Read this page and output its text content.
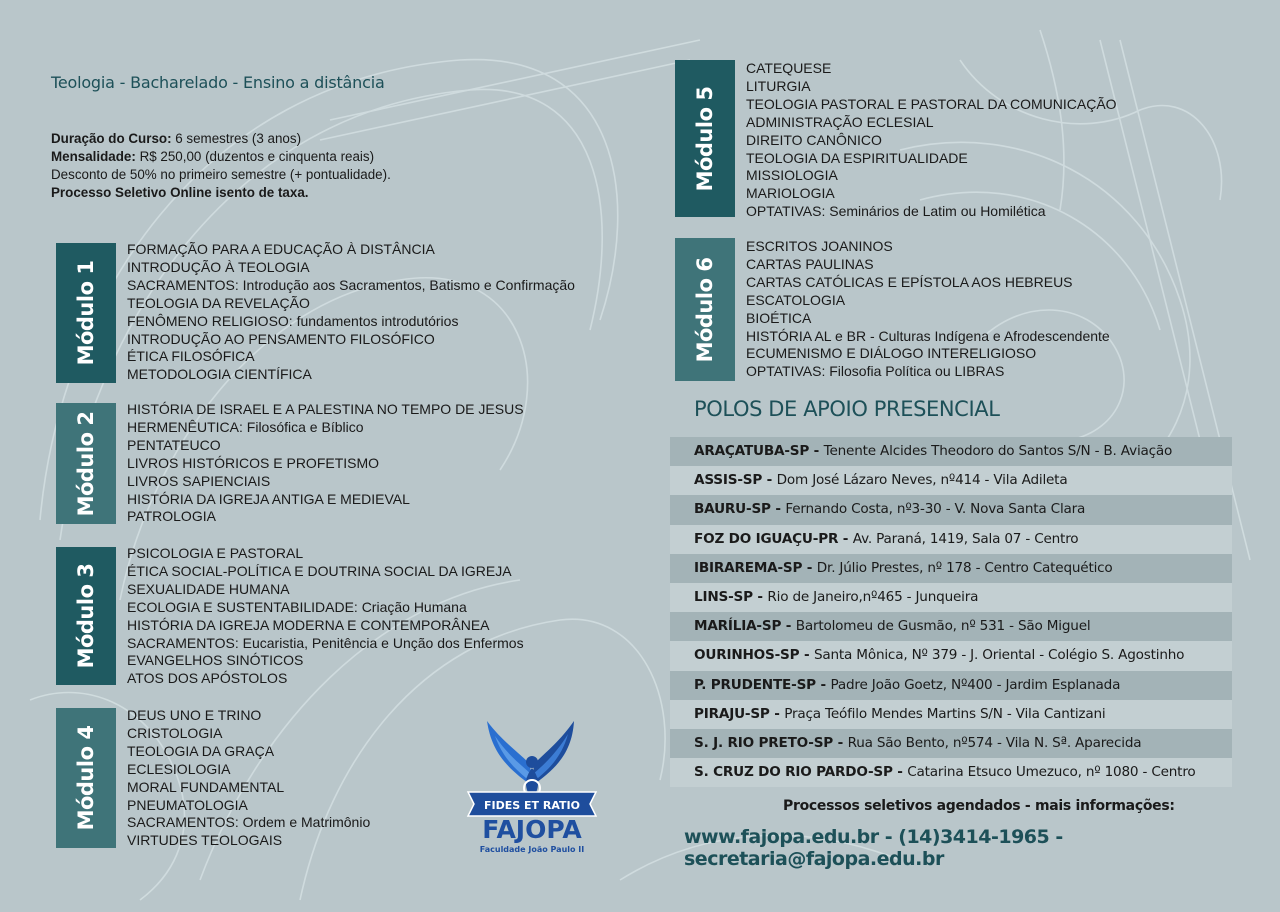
Teologia - Bacharelado - Ensino a distância
Duração do Curso: 6 semestres (3 anos)
Mensalidade: R$ 250,00 (duzentos e cinquenta reais)
Desconto de 50% no primeiro semestre (+ pontualidade).
Processo Seletivo Online isento de taxa.
Módulo 1
FORMAÇÃO PARA A EDUCAÇÃO À DISTÂNCIA
INTRODUÇÃO À TEOLOGIA
SACRAMENTOS: Introdução aos Sacramentos, Batismo e Confirmação
TEOLOGIA DA REVELAÇÃO
FENÔMENO RELIGIOSO: fundamentos introdutórios
INTRODUÇÃO AO PENSAMENTO FILOSÓFICO
ÉTICA FILOSÓFICA
METODOLOGIA CIENTÍFICA
Módulo 2
HISTÓRIA DE ISRAEL E A PALESTINA NO TEMPO DE JESUS
HERMENÊUTICA: Filosófica e Bíblico
PENTATEUCO
LIVROS HISTÓRICOS E PROFETISMO
LIVROS SAPIENCIAIS
HISTÓRIA DA IGREJA ANTIGA E MEDIEVAL
PATROLOGIA
Módulo 3
PSICOLOGIA E PASTORAL
ÉTICA SOCIAL-POLÍTICA E DOUTRINA SOCIAL DA IGREJA
SEXUALIDADE HUMANA
ECOLOGIA E SUSTENTABILIDADE: Criação Humana
HISTÓRIA DA IGREJA MODERNA E CONTEMPORÂNEA
SACRAMENTOS: Eucaristia, Penitência e Unção dos Enfermos
EVANGELHOS SINÓTICOS
ATOS DOS APÓSTOLOS
Módulo 4
DEUS UNO E TRINO
CRISTOLOGIA
TEOLOGIA DA GRAÇA
ECLESIOLOGIA
MORAL FUNDAMENTAL
PNEUMATOLOGIA
SACRAMENTOS: Ordem e Matrimônio
VIRTUDES TEOLOGAIS
FIDES ET RATIO
FAJOPA
Faculdade João Paulo II
Módulo 5
CATEQUESE
LITURGIA
TEOLOGIA PASTORAL E PASTORAL DA COMUNICAÇÃO
ADMINISTRAÇÃO ECLESIAL
DIREITO CANÔNICO
TEOLOGIA DA ESPIRITUALIDADE
MISSIOLOGIA
MARIOLOGIA
OPTATIVAS: Seminários de Latim ou Homilética
Módulo 6
ESCRITOS JOANINOS
CARTAS PAULINAS
CARTAS CATÓLICAS E EPÍSTOLA AOS HEBREUS
ESCATOLOGIA
BIOÉTICA
HISTÓRIA AL e BR - Culturas Indígena e Afrodescendente
ECUMENISMO E DIÁLOGO INTERELIGIOSO
OPTATIVAS: Filosofia Política ou LIBRAS
POLOS DE APOIO PRESENCIAL
ARAÇATUBA-SP - Tenente Alcides Theodoro do Santos S/N - B. Aviação
ASSIS-SP - Dom José Lázaro Neves, nº414 - Vila Adileta
BAURU-SP - Fernando Costa, nº3-30 - V. Nova Santa Clara
FOZ DO IGUAÇU-PR - Av. Paraná, 1419, Sala 07 - Centro
IBIRAREMA-SP - Dr. Júlio Prestes, nº 178 - Centro Catequético
LINS-SP - Rio de Janeiro,nº465 - Junqueira
MARÍLIA-SP - Bartolomeu de Gusmão, nº 531 - São Miguel
OURINHOS-SP - Santa Mônica, Nº 379 - J. Oriental - Colégio S. Agostinho
P. PRUDENTE-SP - Padre João Goetz, Nº400 - Jardim Esplanada
PIRAJU-SP - Praça Teófilo Mendes Martins S/N - Vila Cantizani
S. J. RIO PRETO-SP - Rua São Bento, nº574 - Vila N. Sª. Aparecida
S. CRUZ DO RIO PARDO-SP - Catarina Etsuco Umezuco, nº 1080 - Centro
Processos seletivos agendados - mais informações:
www.fajopa.edu.br - (14)3414-1965 - secretaria@fajopa.edu.br
